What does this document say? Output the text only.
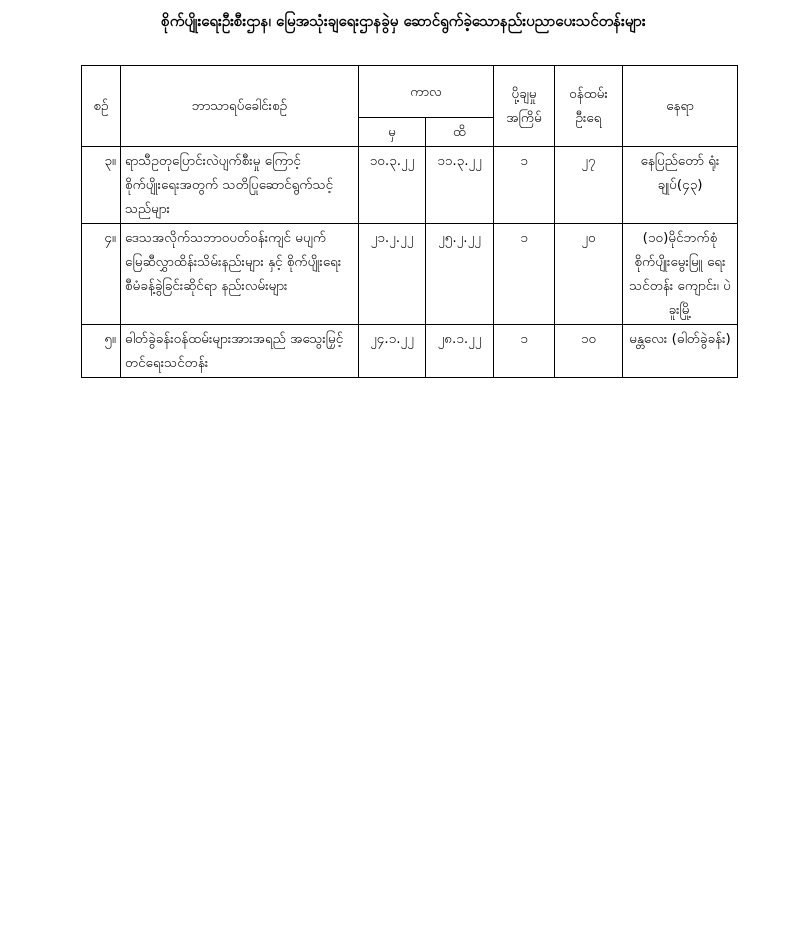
စိုက်ပျိုးရေးဦးစီးဌာန၊ မြေအသုံးချရေးဌာနခွဲမှ ဆောင်ရွက်ခဲ့သောနည်းပညာပေးသင်တန်းများ
စဉ်	ဘာသာရပ်ခေါင်းစဉ်	ကာလ		ပို့ချမှု အကြိမ်	ဝန်ထမ်း ဦးရေ	နေရာ
		မှ	ထိ			
၃။	ရာသီဥတုပြောင်းလဲပျက်စီးမှု ကြောင့် စိုက်ပျိုးရေးအတွက် သတိပြုဆောင်ရွက်သင့်သည်များ	၁၀.၃.၂၂	၁၁.၃.၂၂	၁	၂၇	နေပြည်တော် ရုံးချုပ်(၄၃)
၄။	ဒေသအလိုက်သဘာဝပတ်ဝန်းကျင် မပျက်မြေဆီလွှာထိန်းသိမ်းနည်းများ နှင့် စိုက်ပျိုးရေးစီမံခန့်ခွဲခြင်းဆိုင်ရာ နည်းလမ်းများ	၂၁.၂.၂၂	၂၅.၂.၂၂	၁	၂၀	(၁၀)မိုင်ဘက်စုံ စိုက်ပျိုးမွေးမြူ ရေးသင်တန်း ကျောင်း၊ ပဲခူးမြို့
၅။	ဓါတ်ခွဲခန်းဝန်ထမ်းများအားအရည် အသွေးမြှင့်တင်ရေးသင်တန်း	၂၄.၁.၂၂	၂၈.၁.၂၂	၁	၁၀	မန္တလေး (ဓါတ်ခွဲခန်း)
